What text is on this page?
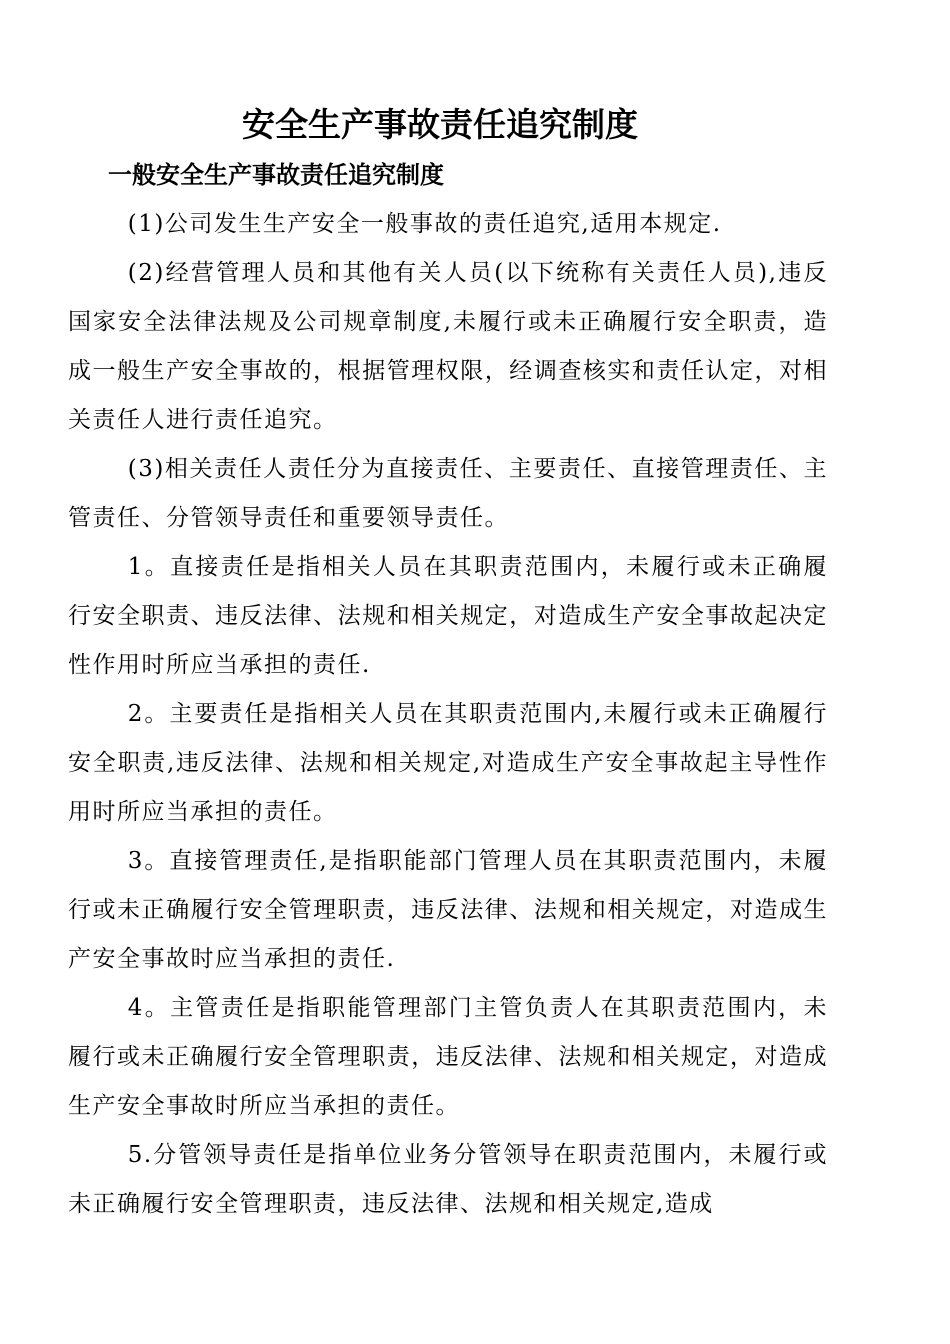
安全生产事故责任追究制度
一般安全生产事故责任追究制度

(1)公司发生生产安全一般事故的责任追究,适用本规定.

(2)经营管理人员和其他有关人员(以下统称有关责任人员),违反国家安全法律法规及公司规章制度,未履行或未正确履行安全职责，造成一般生产安全事故的，根据管理权限，经调查核实和责任认定，对相关责任人进行责任追究。

(3)相关责任人责任分为直接责任、主要责任、直接管理责任、主管责任、分管领导责任和重要领导责任。

1。直接责任是指相关人员在其职责范围内，未履行或未正确履行安全职责、违反法律、法规和相关规定，对造成生产安全事故起决定性作用时所应当承担的责任.

2。主要责任是指相关人员在其职责范围内,未履行或未正确履行安全职责,违反法律、法规和相关规定,对造成生产安全事故起主导性作用时所应当承担的责任。

3。直接管理责任,是指职能部门管理人员在其职责范围内，未履行或未正确履行安全管理职责，违反法律、法规和相关规定，对造成生产安全事故时应当承担的责任.

4。主管责任是指职能管理部门主管负责人在其职责范围内，未履行或未正确履行安全管理职责，违反法律、法规和相关规定，对造成生产安全事故时所应当承担的责任。

5.分管领导责任是指单位业务分管领导在职责范围内，未履行或未正确履行安全管理职责，违反法律、法规和相关规定,造成
